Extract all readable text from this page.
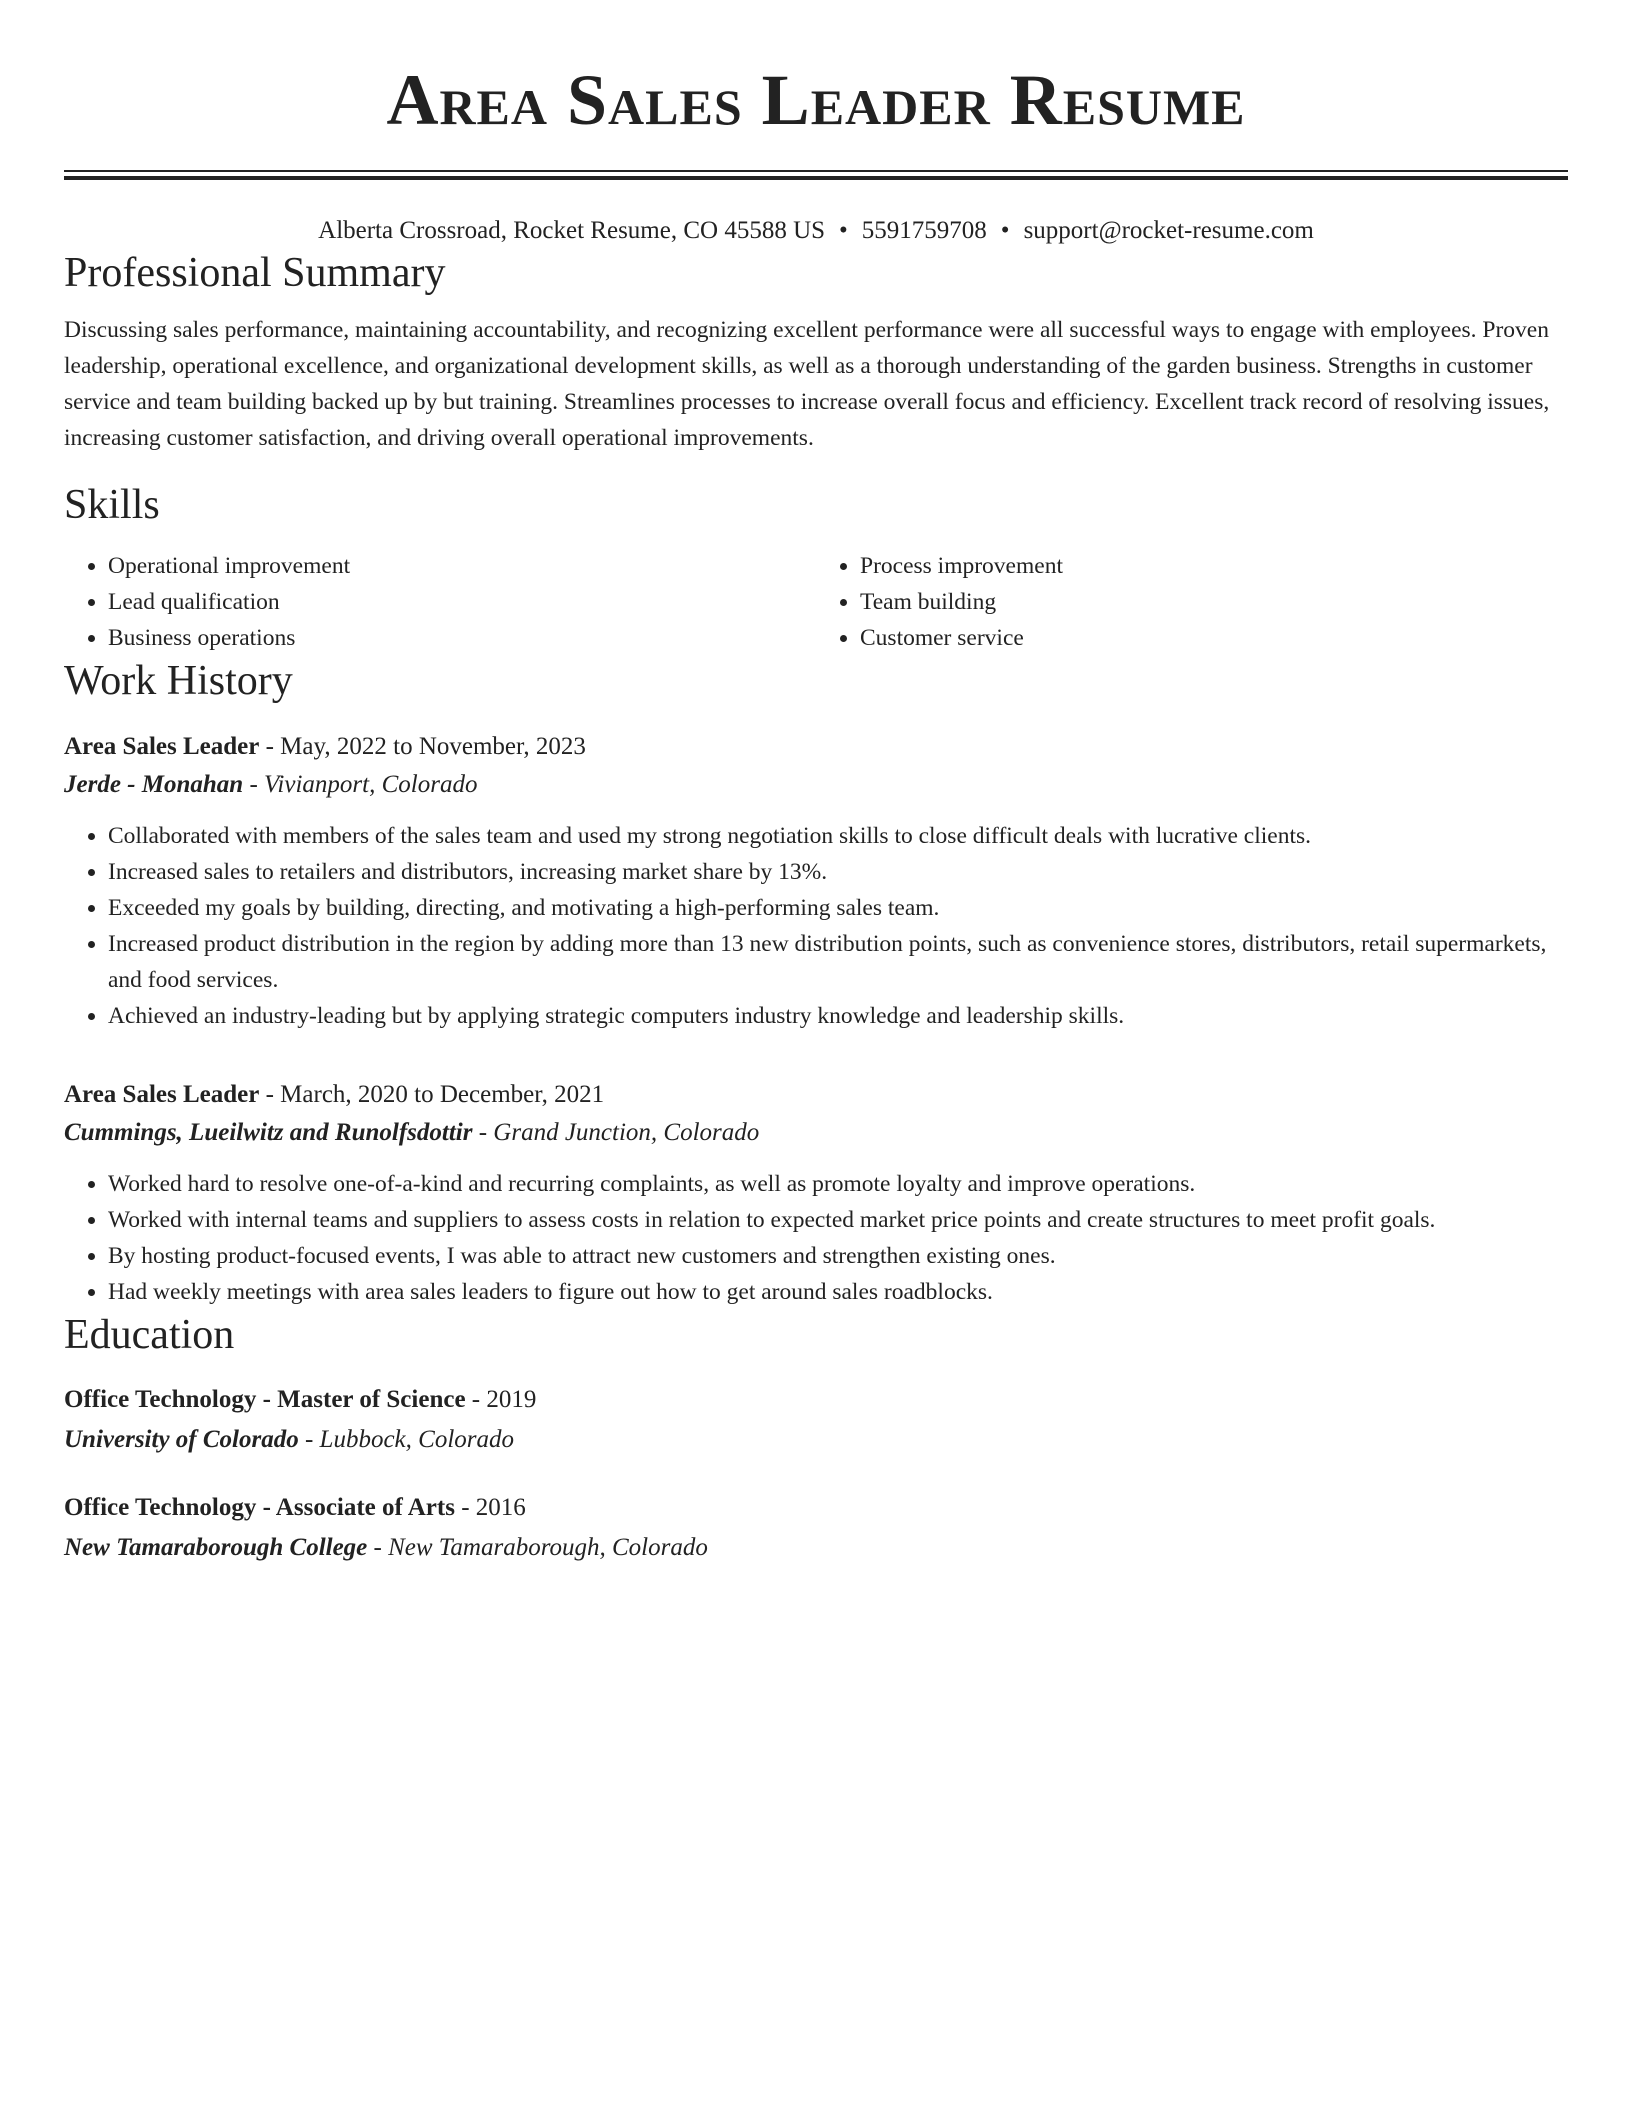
Area Sales Leader Resume
Alberta Crossroad, Rocket Resume, CO 45588 US • 5591759708 • support@rocket-resume.com
Professional Summary

Discussing sales performance, maintaining accountability, and recognizing excellent performance were all successful ways to engage with employees. Proven leadership, operational excellence, and organizational development skills, as well as a thorough understanding of the garden business. Strengths in customer service and team building backed up by but training. Streamlines processes to increase overall focus and efficiency. Excellent track record of resolving issues, increasing customer satisfaction, and driving overall operational improvements.

Skills
• Operational improvement
• Lead qualification
• Business operations
• Process improvement
• Team building
• Customer service
Work History
Area Sales Leader - May, 2022 to November, 2023
Jerde - Monahan - Vivianport, Colorado
• Collaborated with members of the sales team and used my strong negotiation skills to close difficult deals with lucrative clients.
• Increased sales to retailers and distributors, increasing market share by 13%.
• Exceeded my goals by building, directing, and motivating a high-performing sales team.
• Increased product distribution in the region by adding more than 13 new distribution points, such as convenience stores, distributors, retail supermarkets, and food services.
• Achieved an industry-leading but by applying strategic computers industry knowledge and leadership skills.
Area Sales Leader - March, 2020 to December, 2021
Cummings, Lueilwitz and Runolfsdottir - Grand Junction, Colorado
• Worked hard to resolve one-of-a-kind and recurring complaints, as well as promote loyalty and improve operations.
• Worked with internal teams and suppliers to assess costs in relation to expected market price points and create structures to meet profit goals.
• By hosting product-focused events, I was able to attract new customers and strengthen existing ones.
• Had weekly meetings with area sales leaders to figure out how to get around sales roadblocks.
Education
Office Technology - Master of Science - 2019
University of Colorado - Lubbock, Colorado
Office Technology - Associate of Arts - 2016
New Tamaraborough College - New Tamaraborough, Colorado
